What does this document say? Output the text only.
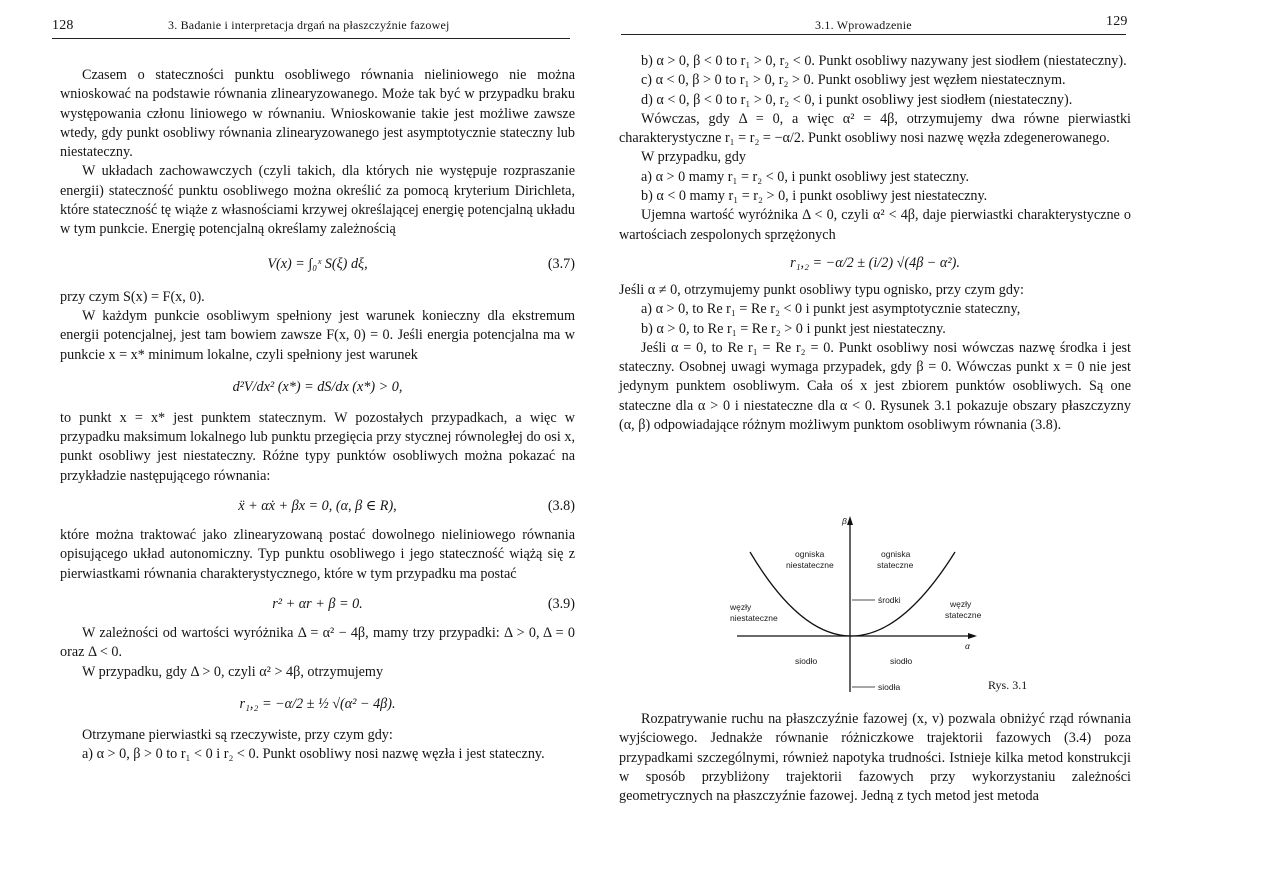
128	3. Badanie i interpretacja drgań na płaszczyźnie fazowej

Czasem o stateczności punktu osobliwego równania nieliniowego nie można wnioskować na podstawie równania zlinearyzowanego. Może tak być w przypadku braku występowania członu liniowego w równaniu. Wnioskowanie takie jest możliwe zawsze wtedy, gdy punkt osobliwy równania zlinearyzowanego jest asymptotycznie stateczny lub niestateczny.

W układach zachowawczych (czyli takich, dla których nie występuje rozpraszanie energii) stateczność punktu osobliwego można określić za pomocą kryterium Dirichleta, które stateczność tę wiąże z własnościami krzywej określającej energię potencjalną układu w tym punkcie. Energię potencjalną określamy zależnością

V(x) = ∫₀ˣ S(ξ) dξ,	(3.7)

przy czym S(x) = F(x, 0).

W każdym punkcie osobliwym spełniony jest warunek konieczny dla ekstremum energii potencjalnej, jest tam bowiem zawsze F(x, 0) = 0. Jeśli energia potencjalna ma w punkcie x = x* minimum lokalne, czyli spełniony jest warunek

d²V/dx² (x*) = dS/dx (x*) > 0,

to punkt x = x* jest punktem statecznym. W pozostałych przypadkach, a więc w przypadku maksimum lokalnego lub punktu przegięcia przy stycznej równoległej do osi x, punkt osobliwy jest niestateczny. Różne typy punktów osobliwych można pokazać na przykładzie następującego równania:

ẍ + αẋ + βx = 0, (α, β ∈ R),	(3.8)

które można traktować jako zlinearyzowaną postać dowolnego nieliniowego równania opisującego układ autonomiczny. Typ punktu osobliwego i jego stateczność wiążą się z pierwiastkami równania charakterystycznego, które w tym przypadku ma postać

r² + αr + β = 0.	(3.9)

W zależności od wartości wyróżnika Δ = α² − 4β, mamy trzy przypadki: Δ > 0, Δ = 0 oraz Δ < 0.

W przypadku, gdy Δ > 0, czyli α² > 4β, otrzymujemy

r₁,₂ = −α/2 ± ½ √(α² − 4β).

Otrzymane pierwiastki są rzeczywiste, przy czym gdy:

a) α > 0, β > 0 to r₁ < 0 i r₂ < 0. Punkt osobliwy nosi nazwę węzła i jest stateczny.

3.1. Wprowadzenie	129

b) α > 0, β < 0 to r₁ > 0, r₂ < 0. Punkt osobliwy nazywany jest siodłem (niestateczny).

c) α < 0, β > 0 to r₁ > 0, r₂ > 0. Punkt osobliwy jest węzłem niestatecznym.

d) α < 0, β < 0 to r₁ > 0, r₂ < 0, i punkt osobliwy jest siodłem (niestateczny).

Wówczas, gdy Δ = 0, a więc α² = 4β, otrzymujemy dwa równe pierwiastki charakterystyczne r₁ = r₂ = −α/2. Punkt osobliwy nosi nazwę węzła zdegenerowanego.

W przypadku, gdy

a) α > 0 mamy r₁ = r₂ < 0, i punkt osobliwy jest stateczny.

b) α < 0 mamy r₁ = r₂ > 0, i punkt osobliwy jest niestateczny.

Ujemna wartość wyróżnika Δ < 0, czyli α² < 4β, daje pierwiastki charakterystyczne o wartościach zespolonych sprzężonych

r₁,₂ = −α/2 ± (i/2) √(4β − α²).

Jeśli α ≠ 0, otrzymujemy punkt osobliwy typu ognisko, przy czym gdy:

a) α > 0, to Re r₁ = Re r₂ < 0 i punkt jest asymptotycznie stateczny,

b) α > 0, to Re r₁ = Re r₂ > 0 i punkt jest niestateczny.

Jeśli α = 0, to Re r₁ = Re r₂ = 0. Punkt osobliwy nosi wówczas nazwę środka i jest stateczny. Osobnej uwagi wymaga przypadek, gdy β = 0. Wówczas punkt x = 0 nie jest jedynym punktem osobliwym. Cała oś x jest zbiorem punktów osobliwych. Są one stateczne dla α > 0 i niestateczne dla α < 0. Rysunek 3.1 pokazuje obszary płaszczyzny (α, β) odpowiadające różnym możliwym punktom osobliwym równania (3.8).

β
α
ogniska
niestateczne
ogniska
stateczne
środki
węzły
niestateczne
węzły
stateczne
siodło	siodło
siodła	Rys. 3.1

Rozpatrywanie ruchu na płaszczyźnie fazowej (x, v) pozwala obniżyć rząd równania wyjściowego. Jednakże równanie różniczkowe trajektorii fazowych (3.4) poza przypadkami szczególnymi, również napotyka trudności. Istnieje kilka metod konstrukcji w sposób przybliżony trajektorii fazowych przy wykorzystaniu zależności geometrycznych na płaszczyźnie fazowej. Jedną z tych metod jest metoda
